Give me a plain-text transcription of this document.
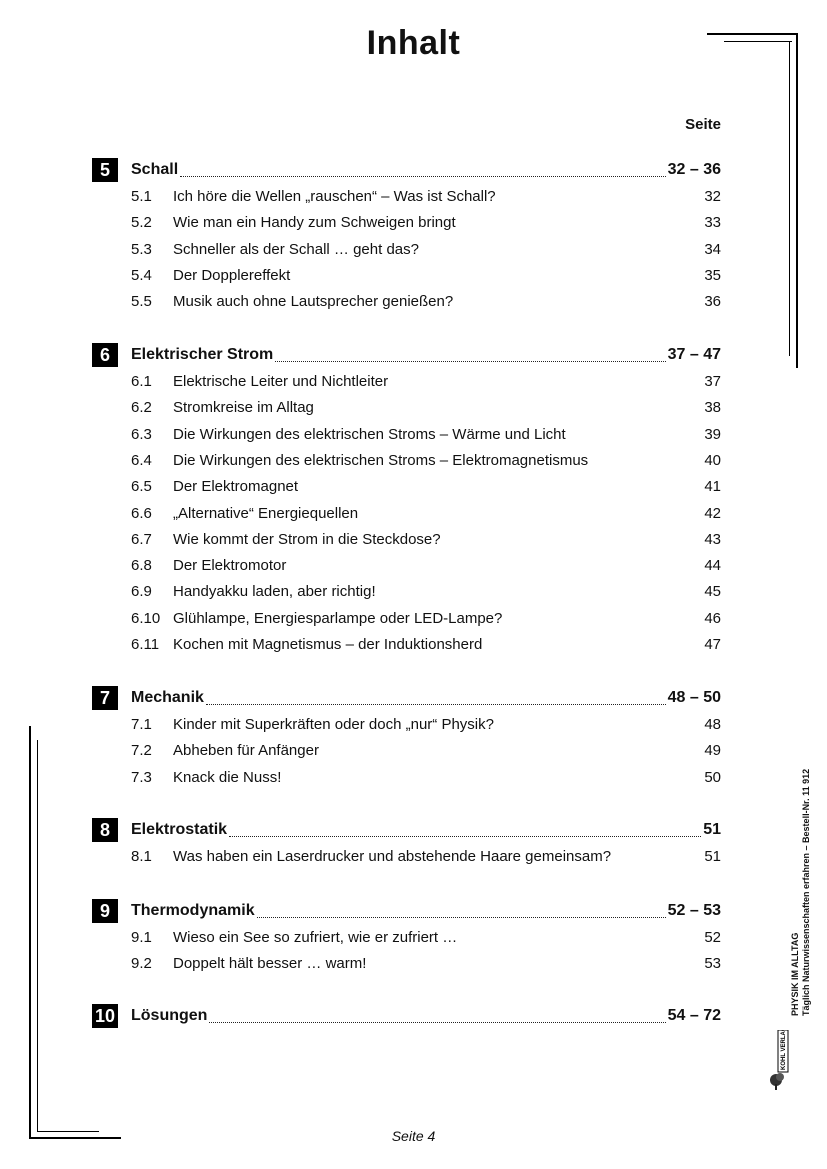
Inhalt
Seite
5	Schall	32 – 36
5.1	Ich höre die Wellen „rauschen“ – Was ist Schall?	32
5.2	Wie man ein Handy zum Schweigen bringt	33
5.3	Schneller als der Schall … geht das?	34
5.4	Der Dopplereffekt	35
5.5	Musik auch ohne Lautsprecher genießen?	36
6	Elektrischer Strom	37 – 47
6.1	Elektrische Leiter und Nichtleiter	37
6.2	Stromkreise im Alltag	38
6.3	Die Wirkungen des elektrischen Stroms – Wärme und Licht	39
6.4	Die Wirkungen des elektrischen Stroms – Elektromagnetismus	40
6.5	Der Elektromagnet	41
6.6	„Alternative“ Energiequellen	42
6.7	Wie kommt der Strom in die Steckdose?	43
6.8	Der Elektromotor	44
6.9	Handyakku laden, aber richtig!	45
6.10 Glühlampe, Energiesparlampe oder LED-Lampe?	46
6.11 Kochen mit Magnetismus – der Induktionsherd	47
7	Mechanik	48 – 50
7.1	Kinder mit Superkräften oder doch „nur“ Physik?	48
7.2	Abheben für Anfänger	49
7.3	Knack die Nuss!	50
8	Elektrostatik	51
8.1	Was haben ein Laserdrucker und abstehende Haare gemeinsam?	51
9	Thermodynamik	52 – 53
9.1	Wieso ein See so zufriert, wie er zufriert …	52
9.2	Doppelt hält besser … warm!	53
10 Lösungen	54 – 72	PHYSIK IM ALLTAG Täglich Naturwissenschaften erfahren – Bestell-Nr. 11 912
KOHL VERLAG
Seite 4
